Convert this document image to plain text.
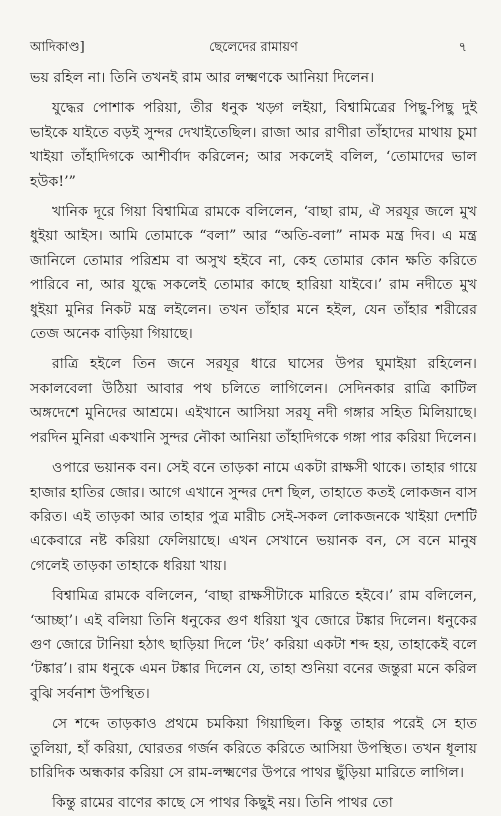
আদিকাণ্ড]	ছেলেদের রামায়ণ	৭

ভয় রহিল না। তিনি তখনই রাম আর লক্ষ্মণকে আনিয়া দিলেন।

যুদ্ধের পোশাক পরিয়া, তীর ধনুক খড়্গ লইয়া, বিশ্বামিত্রের পিছু-পিছু দুই ভাইকে যাইতে বড়ই সুন্দর দেখাইতেছিল। রাজা আর রাণীরা তাঁহাদের মাথায় চুমা খাইয়া তাঁহাদিগকে আশীর্বাদ করিলেন; আর সকলেই বলিল, ‘তোমাদের ভাল হউক!’”

খানিক দূরে গিয়া বিশ্বামিত্র রামকে বলিলেন, ‘বাছা রাম, ঐ সরযূর জলে মুখ ধুইয়া আইস। আমি তোমাকে “বলা” আর “অতি-বলা” নামক মন্ত্র দিব। এ মন্ত্র জানিলে তোমার পরিশ্রম বা অসুখ হইবে না, কেহ তোমার কোন ক্ষতি করিতে পারিবে না, আর যুদ্ধে সকলেই তোমার কাছে হারিয়া যাইবে।’ রাম নদীতে মুখ ধুইয়া মুনির নিকট মন্ত্র লইলেন। তখন তাঁহার মনে হইল, যেন তাঁহার শরীরের তেজ অনেক বাড়িয়া গিয়াছে।

রাত্রি হইলে তিন জনে সরযূর ধারে ঘাসের উপর ঘুমাইয়া রহিলেন। সকালবেলা উঠিয়া আবার পথ চলিতে লাগিলেন। সেদিনকার রাত্রি কাটিল অঙ্গদেশে মুনিদের আশ্রমে। এইখানে আসিয়া সরযূ নদী গঙ্গার সহিত মিলিয়াছে। পরদিন মুনিরা একখানি সুন্দর নৌকা আনিয়া তাঁহাদিগকে গঙ্গা পার করিয়া দিলেন।

ওপারে ভয়ানক বন। সেই বনে তাড়কা নামে একটা রাক্ষসী থাকে। তাহার গায়ে হাজার হাতির জোর। আগে এখানে সুন্দর দেশ ছিল, তাহাতে কতই লোকজন বাস করিত। এই তাড়কা আর তাহার পুত্র মারীচ সেই-সকল লোকজনকে খাইয়া দেশটি একেবারে নষ্ট করিয়া ফেলিয়াছে। এখন সেখানে ভয়ানক বন, সে বনে মানুষ গেলেই তাড়কা তাহাকে ধরিয়া খায়।

বিশ্বামিত্র রামকে বলিলেন, ‘বাছা রাক্ষসীটাকে মারিতে হইবে।’ রাম বলিলেন, ‘আচ্ছা’। এই বলিয়া তিনি ধনুকের গুণ ধরিয়া খুব জোরে টঙ্কার দিলেন। ধনুকের গুণ জোরে টানিয়া হঠাৎ ছাড়িয়া দিলে ‘টং’ করিয়া একটা শব্দ হয়, তাহাকেই বলে ‘টঙ্কার’। রাম ধনুকে এমন টঙ্কার দিলেন যে, তাহা শুনিয়া বনের জন্তুরা মনে করিল বুঝি সর্বনাশ উপস্থিত।

সে শব্দে তাড়কাও প্রথমে চমকিয়া গিয়াছিল। কিন্তু তাহার পরেই সে হাত তুলিয়া, হাঁ করিয়া, ঘোরতর গর্জন করিতে করিতে আসিয়া উপস্থিত। তখন ধূলায় চারিদিক অন্ধকার করিয়া সে রাম-লক্ষ্মণের উপরে পাথর ছুঁড়িয়া মারিতে লাগিল।

কিন্তু রামের বাণের কাছে সে পাথর কিছুই নয়। তিনি পাথর তো
